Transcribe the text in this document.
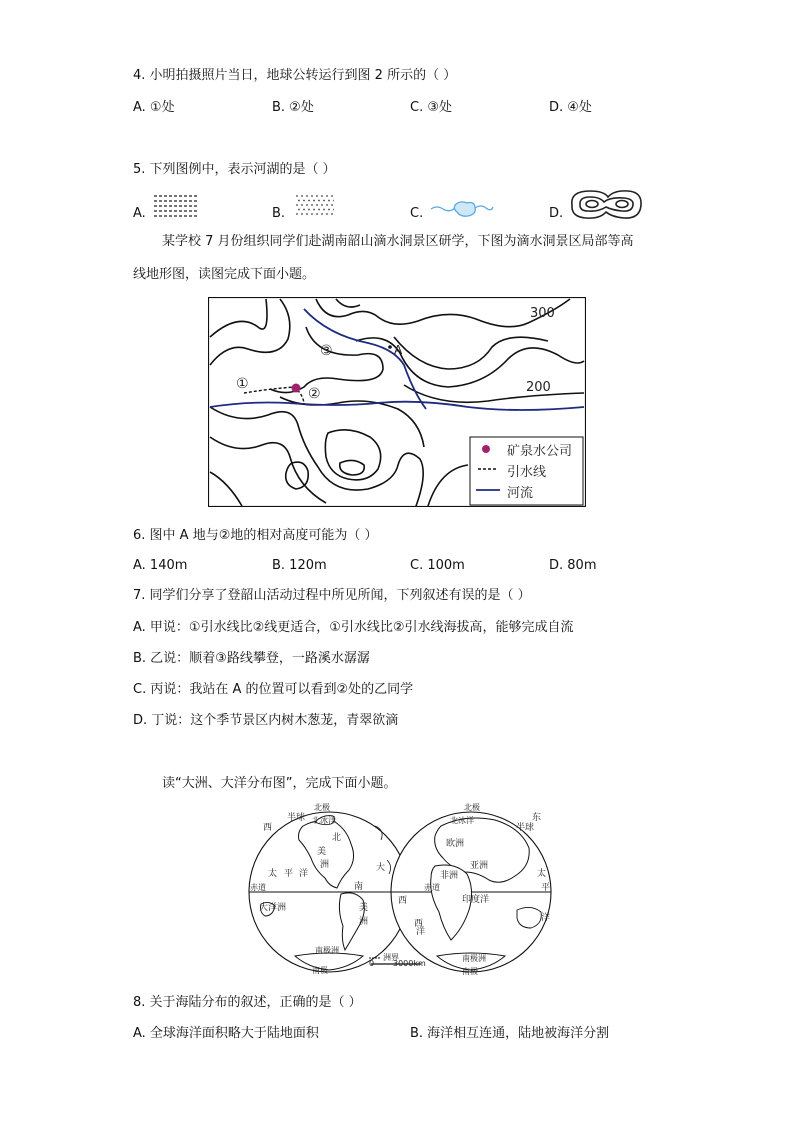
4. 小明拍摄照片当日，地球公转运行到图 2 所示的（ ）
A. ①处	B. ②处	C. ③处	D. ④处
5. 下列图例中，表示河湖的是（ ）
A.	B.	C.	D.
某学校 7 月份组织同学们赴湖南韶山滴水洞景区研学，下图为滴水洞景区局部等高
线地形图，读图完成下面小题。
300
200
A
①
②
③
矿泉水公司
引水线
河流
6. 图中 A 地与②地的相对高度可能为（ ）
A. 140m	B. 120m	C. 100m	D. 80m
7. 同学们分享了登韶山活动过程中所见所闻，下列叙述有误的是（ ）
A. 甲说：①引水线比②线更适合，①引水线比②引水线海拔高，能够完成自流
B. 乙说：顺着③路线攀登，一路溪水潺潺
C. 丙说：我站在 A 的位置可以看到②处的乙同学
D. 丁说：这个季节景区内树木葱茏，青翠欲滴
读“大洲、大洋分布图”，完成下面小题。
北极
西
半球 北冰洋
北
美
洲
太 平 洋
赤道	南
美
洲
大洋洲
南极洲
南极
大
西
北极
东
半球
北冰洋
欧洲
亚洲
非洲
印度洋
赤道
太
平
洋
西
洋
南极洲
南极
洲界
0 3000km
8. 关于海陆分布的叙述，正确的是（ ）
A. 全球海洋面积略大于陆地面积	B. 海洋相互连通，陆地被海洋分割
